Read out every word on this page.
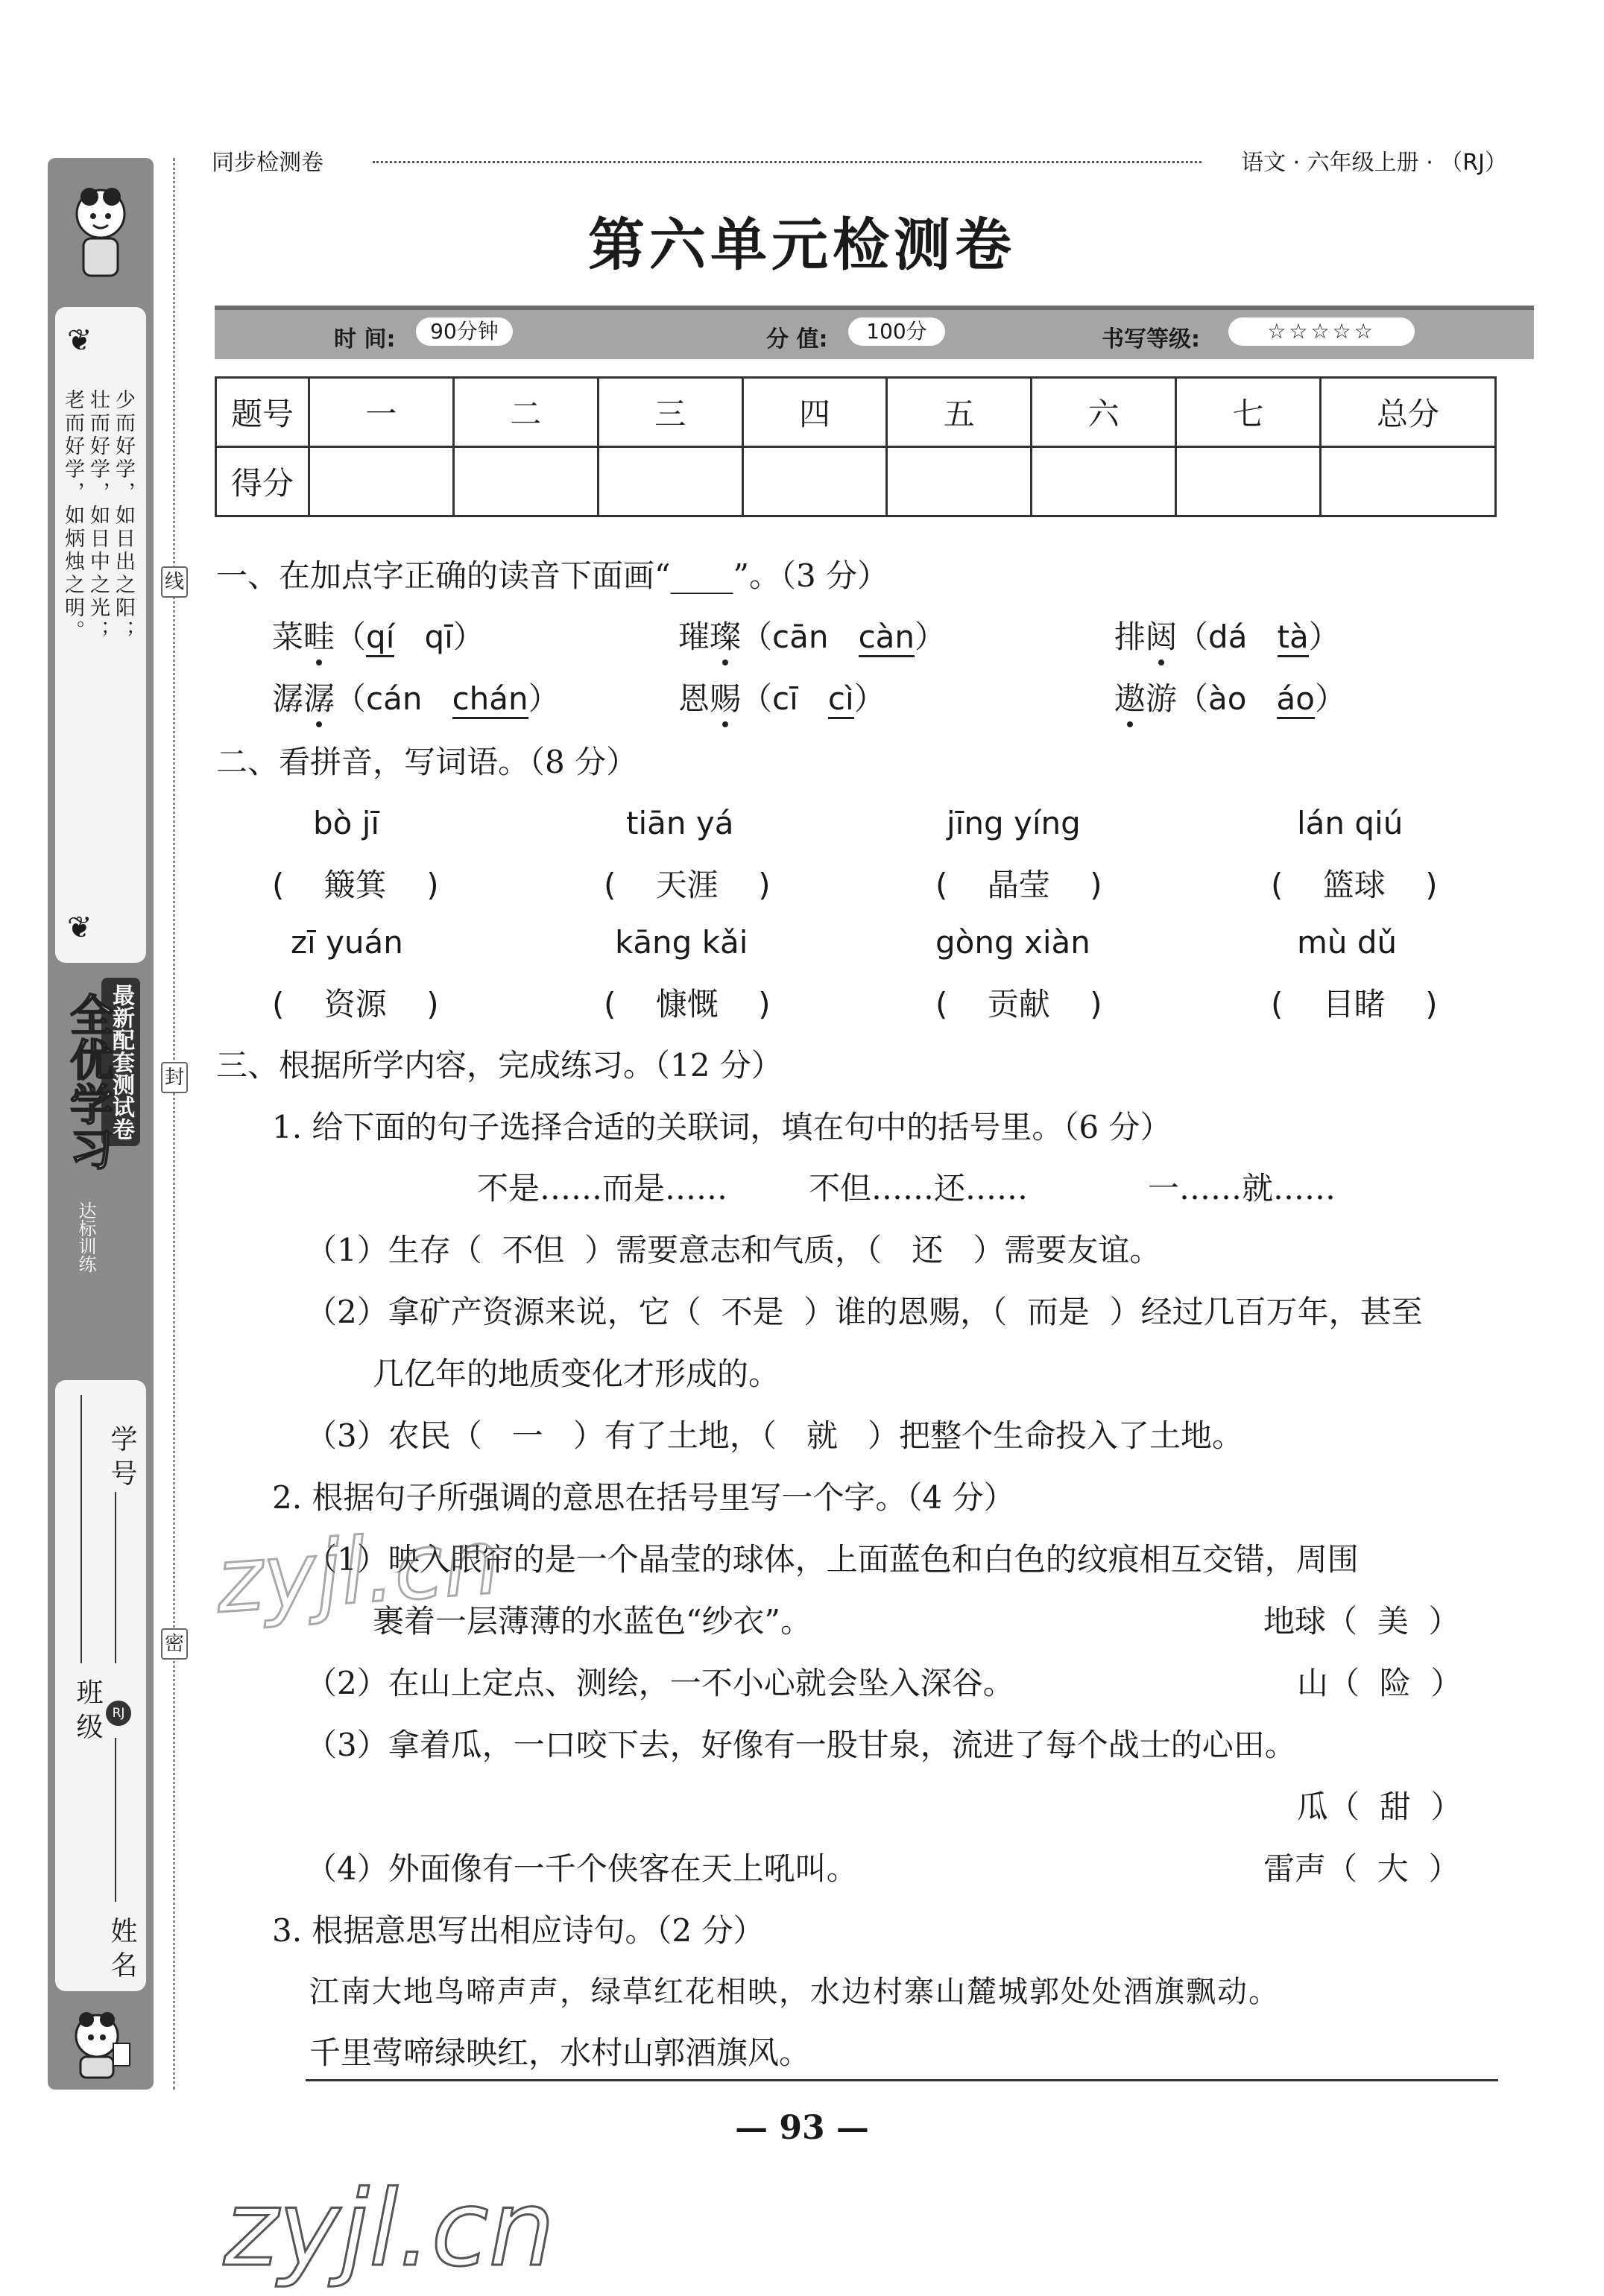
❦
少而好学，如日出之阳；
壮而好学，如日中之光；
老而好学，如炳烛之明。
❦
最新配套测试卷
全优学习
达标训练
学号
班级 RJ
姓名
线
封
密
同步检测卷	语文 · 六年级上册 · （RJ）
第六单元检测卷
时 间:	90分钟	分 值:	100分	书写等级:	☆☆☆☆☆
题号	一	二	三	四	五	六	七	总分
得分								
一、在加点字正确的读音下面画“____”。（3 分）
菜畦（qí qī）	璀璨（cān càn）	排闼（dá tà）
潺潺（cán chán）	恩赐（cī cì）	遨游（ào áo）
二、看拼音，写词语。（8 分）
bò jī	tiān yá	jīng yíng	lán qiú
(    簸箕    )	(    天涯    )	(    晶莹    )	(    篮球    )
zī yuán	kāng kǎi	gòng xiàn	mù dǔ
(    资源    )	(    慷慨    )	(    贡献    )	(    目睹    )
三、根据所学内容，完成练习。（12 分）
1. 给下面的句子选择合适的关联词，填在句中的括号里。（6 分）
不是……而是……	不但……还……	一……就……
（1）生存（ 不但 ）需要意志和气质，（ 还 ）需要友谊。
（2）拿矿产资源来说，它（ 不是 ）谁的恩赐，（ 而是 ）经过几百万年，甚至
几亿年的地质变化才形成的。
（3）农民（ 一 ）有了土地，（ 就 ）把整个生命投入了土地。
2. 根据句子所强调的意思在括号里写一个字。（4 分）
（1）映入眼帘的是一个晶莹的球体，上面蓝色和白色的纹痕相互交错，周围
裹着一层薄薄的水蓝色“纱衣”。	地球（ 美 ）
（2）在山上定点、测绘，一不小心就会坠入深谷。	山（ 险 ）
（3）拿着瓜，一口咬下去，好像有一股甘泉，流进了每个战士的心田。
瓜（ 甜 ）
（4）外面像有一千个侠客在天上吼叫。	雷声（ 大 ）
3. 根据意思写出相应诗句。（2 分）
江南大地鸟啼声声，绿草红花相映，水边村寨山麓城郭处处酒旗飘动。
千里莺啼绿映红，水村山郭酒旗风。
— 93 —
zyjl.cn
zyjl.cn
